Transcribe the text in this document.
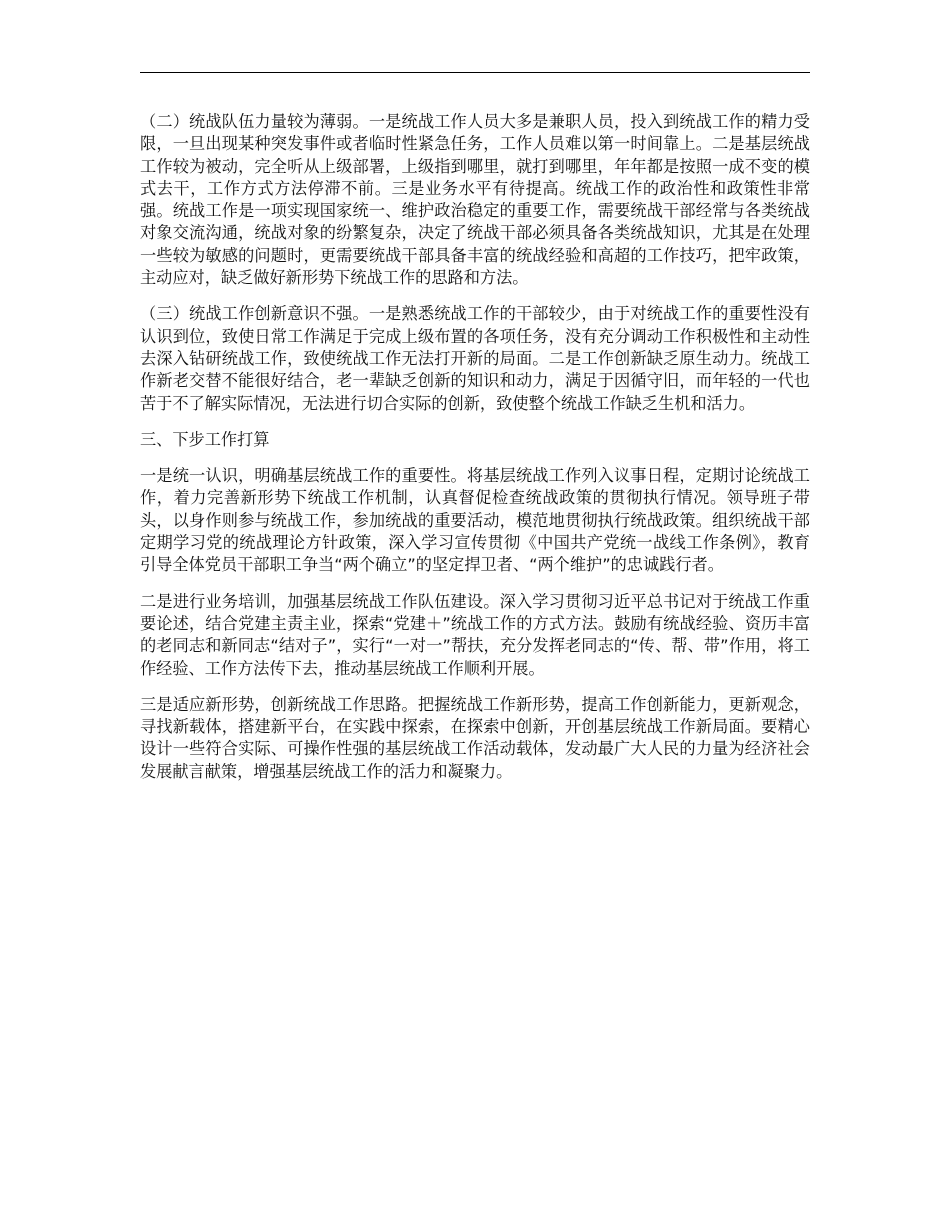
（二）统战队伍力量较为薄弱。一是统战工作人员大多是兼职人员，投入到统战工作的精力受限，一旦出现某种突发事件或者临时性紧急任务，工作人员难以第一时间靠上。二是基层统战工作较为被动，完全听从上级部署，上级指到哪里，就打到哪里，年年都是按照一成不变的模式去干，工作方式方法停滞不前。三是业务水平有待提高。统战工作的政治性和政策性非常强。统战工作是一项实现国家统一、维护政治稳定的重要工作，需要统战干部经常与各类统战对象交流沟通，统战对象的纷繁复杂，决定了统战干部必须具备各类统战知识，尤其是在处理一些较为敏感的问题时，更需要统战干部具备丰富的统战经验和高超的工作技巧，把牢政策，主动应对，缺乏做好新形势下统战工作的思路和方法。

（三）统战工作创新意识不强。一是熟悉统战工作的干部较少，由于对统战工作的重要性没有认识到位，致使日常工作满足于完成上级布置的各项任务，没有充分调动工作积极性和主动性去深入钻研统战工作，致使统战工作无法打开新的局面。二是工作创新缺乏原生动力。统战工作新老交替不能很好结合，老一辈缺乏创新的知识和动力，满足于因循守旧，而年轻的一代也苦于不了解实际情况，无法进行切合实际的创新，致使整个统战工作缺乏生机和活力。

三、下步工作打算

一是统一认识，明确基层统战工作的重要性。将基层统战工作列入议事日程，定期讨论统战工作，着力完善新形势下统战工作机制，认真督促检查统战政策的贯彻执行情况。领导班子带头，以身作则参与统战工作，参加统战的重要活动，模范地贯彻执行统战政策。组织统战干部定期学习党的统战理论方针政策，深入学习宣传贯彻《中国共产党统一战线工作条例》，教育引导全体党员干部职工争当“两个确立”的坚定捍卫者、“两个维护”的忠诚践行者。

二是进行业务培训，加强基层统战工作队伍建设。深入学习贯彻习近平总书记对于统战工作重要论述，结合党建主责主业，探索“党建＋”统战工作的方式方法。鼓励有统战经验、资历丰富的老同志和新同志“结对子”，实行“一对一”帮扶，充分发挥老同志的“传、帮、带”作用，将工作经验、工作方法传下去，推动基层统战工作顺利开展。

三是适应新形势，创新统战工作思路。把握统战工作新形势，提高工作创新能力，更新观念，寻找新载体，搭建新平台，在实践中探索，在探索中创新，开创基层统战工作新局面。要精心设计一些符合实际、可操作性强的基层统战工作活动载体，发动最广大人民的力量为经济社会发展献言献策，增强基层统战工作的活力和凝聚力。
